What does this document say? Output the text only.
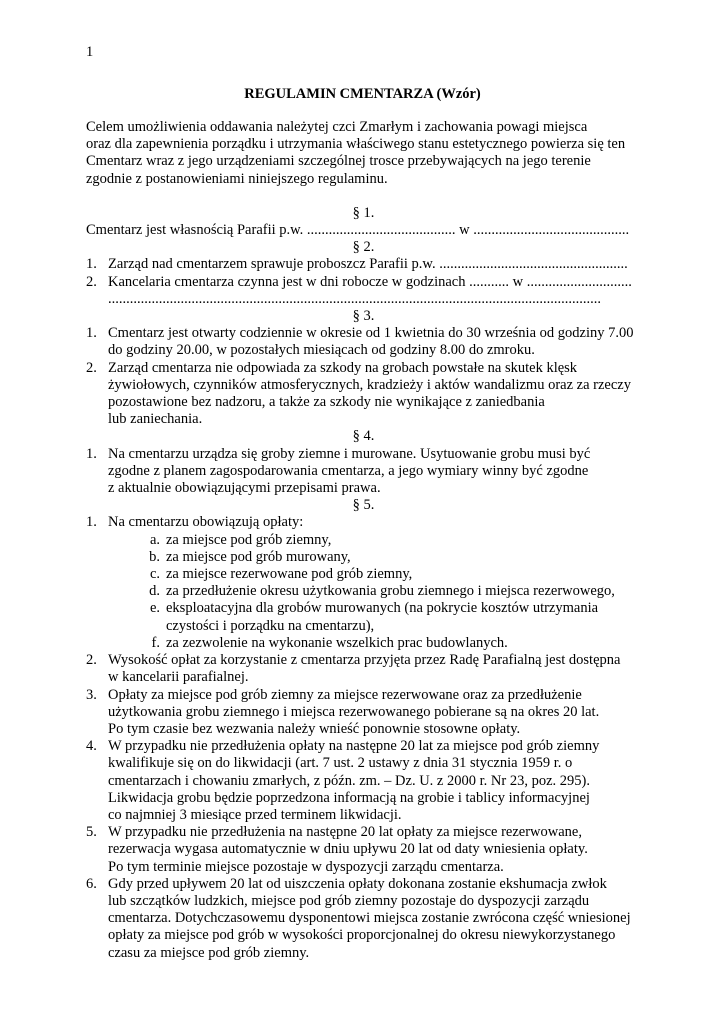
1
REGULAMIN CMENTARZA (Wzór)
Celem umożliwienia oddawania należytej czci Zmarłym i zachowania powagi miejsca
oraz dla zapewnienia porządku i utrzymania właściwego stanu estetycznego powierza się ten
Cmentarz wraz z jego urządzeniami szczególnej trosce przebywających na jego terenie
zgodnie z postanowieniami niniejszego regulaminu.
§ 1.
Cmentarz jest własnością Parafii p.w. ......................................... w ...........................................
§ 2.
1. Zarząd nad cmentarzem sprawuje proboszcz Parafii p.w. ....................................................
2. Kancelaria cmentarza czynna jest w dni robocze w godzinach ........... w .............................
........................................................................................................................................
§ 3.
1. Cmentarz jest otwarty codziennie w okresie od 1 kwietnia do 30 września od godziny 7.00
do godziny 20.00, w pozostałych miesiącach od godziny 8.00 do zmroku.
2. Zarząd cmentarza nie odpowiada za szkody na grobach powstałe na skutek klęsk
żywiołowych, czynników atmosferycznych, kradzieży i aktów wandalizmu oraz za rzeczy
pozostawione bez nadzoru, a także za szkody nie wynikające z zaniedbania
lub zaniechania.
§ 4.
1. Na cmentarzu urządza się groby ziemne i murowane. Usytuowanie grobu musi być
zgodne z planem zagospodarowania cmentarza, a jego wymiary winny być zgodne
z aktualnie obowiązującymi przepisami prawa.
§ 5.
1. Na cmentarzu obowiązują opłaty:
a. za miejsce pod grób ziemny,
b. za miejsce pod grób murowany,
c. za miejsce rezerwowane pod grób ziemny,
d. za przedłużenie okresu użytkowania grobu ziemnego i miejsca rezerwowego,
e. eksploatacyjna dla grobów murowanych (na pokrycie kosztów utrzymania
czystości i porządku na cmentarzu),
f. za zezwolenie na wykonanie wszelkich prac budowlanych.
2. Wysokość opłat za korzystanie z cmentarza przyjęta przez Radę Parafialną jest dostępna
w kancelarii parafialnej.
3. Opłaty za miejsce pod grób ziemny za miejsce rezerwowane oraz za przedłużenie
użytkowania grobu ziemnego i miejsca rezerwowanego pobierane są na okres 20 lat.
Po tym czasie bez wezwania należy wnieść ponownie stosowne opłaty.
4. W przypadku nie przedłużenia opłaty na następne 20 lat za miejsce pod grób ziemny
kwalifikuje się on do likwidacji (art. 7 ust. 2 ustawy z dnia 31 stycznia 1959 r. o
cmentarzach i chowaniu zmarłych, z późn. zm. – Dz. U. z 2000 r. Nr 23, poz. 295).
Likwidacja grobu będzie poprzedzona informacją na grobie i tablicy informacyjnej
co najmniej 3 miesiące przed terminem likwidacji.
5. W przypadku nie przedłużenia na następne 20 lat opłaty za miejsce rezerwowane,
rezerwacja wygasa automatycznie w dniu upływu 20 lat od daty wniesienia opłaty.
Po tym terminie miejsce pozostaje w dyspozycji zarządu cmentarza.
6. Gdy przed upływem 20 lat od uiszczenia opłaty dokonana zostanie ekshumacja zwłok
lub szczątków ludzkich, miejsce pod grób ziemny pozostaje do dyspozycji zarządu
cmentarza. Dotychczasowemu dysponentowi miejsca zostanie zwrócona część wniesionej
opłaty za miejsce pod grób w wysokości proporcjonalnej do okresu niewykorzystanego
czasu za miejsce pod grób ziemny.
